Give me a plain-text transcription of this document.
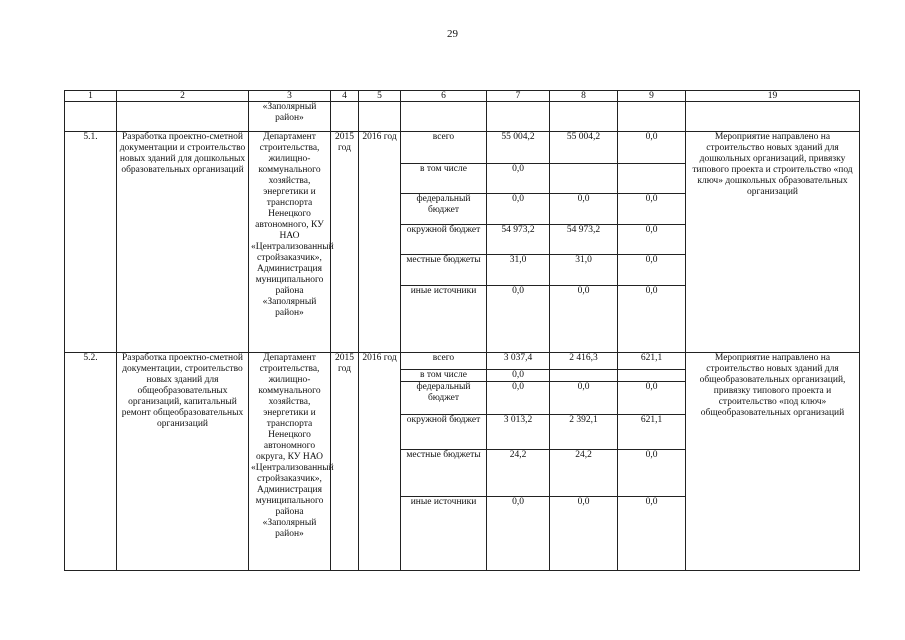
29
1	2	3	4	5	6	7	8	9	19
		«Заполярный район»							
5.1.	Разработка проектно-сметной документации и строительство новых зданий для дошкольных образовательных организаций	Департамент строительства, жилищно-коммунального хозяйства, энергетики и транспорта Ненецкого автономного, КУ НАО «Централизованный стройзаказчик», Администрация муниципального района «Заполярный район»	2015 год	2016 год	всего	55 004,2	55 004,2	0,0	Мероприятие направлено на строительство новых зданий для дошкольных организаций, привязку типового проекта и строительство «под ключ» дошкольных образовательных организаций
					в том числе	0,0			
					федеральный бюджет	0,0	0,0	0,0	
					окружной бюджет	54 973,2	54 973,2	0,0	
					местные бюджеты	31,0	31,0	0,0	
					иные источники	0,0	0,0	0,0	
5.2.	Разработка проектно-сметной документации, строительство новых зданий для общеобразовательных организаций, капитальный ремонт общеобразовательных организаций	Департамент строительства, жилищно-коммунального хозяйства, энергетики и транспорта Ненецкого автономного округа, КУ НАО «Централизованный стройзаказчик», Администрация муниципального района «Заполярный район»	2015 год	2016 год	всего	3 037,4	2 416,3	621,1	Мероприятие направлено на строительство новых зданий для общеобразовательных организаций, привязку типового проекта и строительство «под ключ» общеобразовательных организаций
					в том числе	0,0			
					федеральный бюджет	0,0	0,0	0,0	
					окружной бюджет	3 013,2	2 392,1	621,1	
					местные бюджеты	24,2	24,2	0,0	
					иные источники	0,0	0,0	0,0	
